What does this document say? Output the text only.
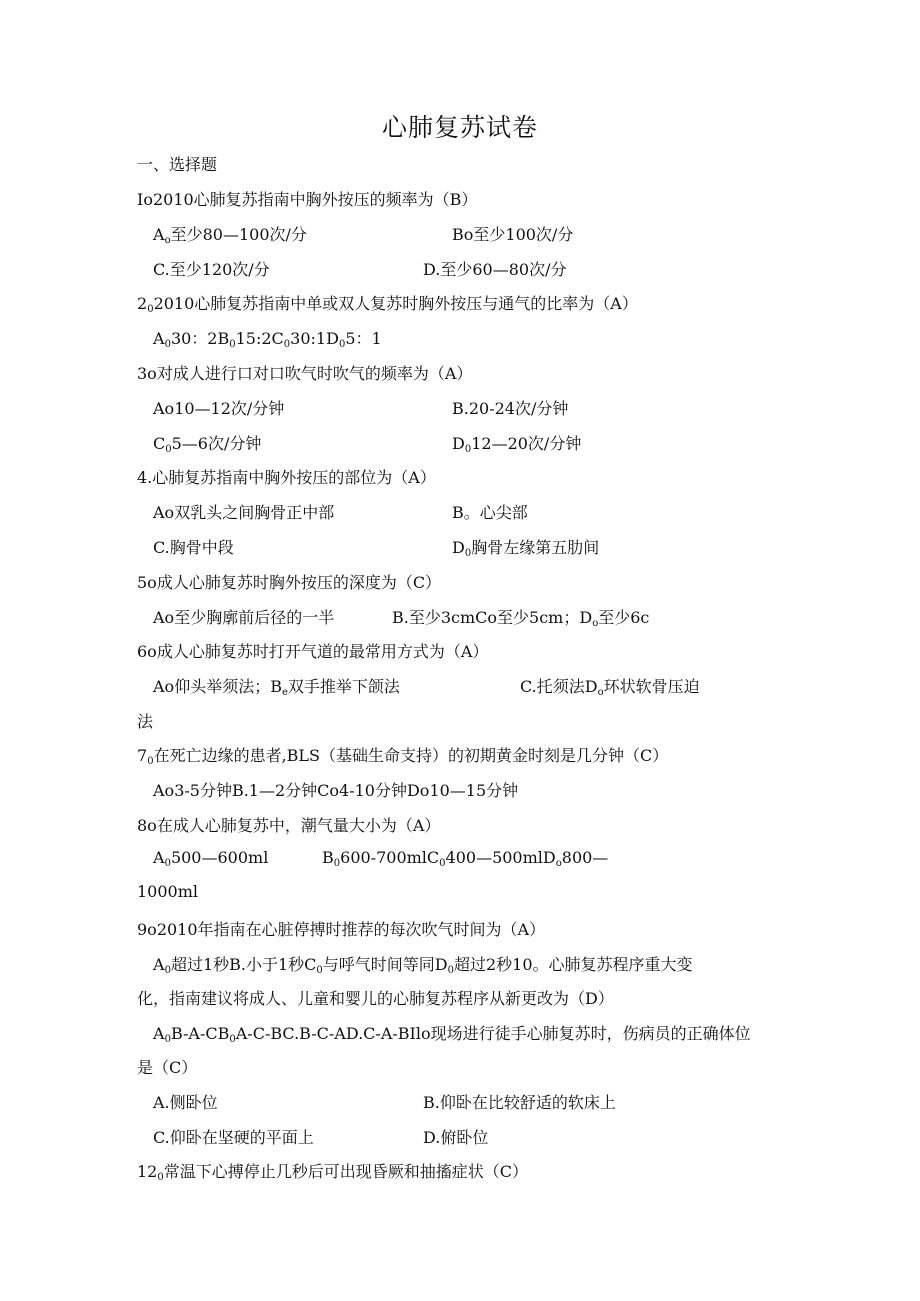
心肺复苏试卷
一、选择题
Io2010心肺复苏指南中胸外按压的频率为（B）
$A_o$至少80—100次/分	Bo至少100次/分
C.至少120次/分	D.至少60—80次/分
$2_02010$心肺复苏指南中单或双人复苏时胸外按压与通气的比率为（A）
$A_030$：$2B_015:2C_030:1D_05$：1
3o对成人进行口对口吹气时吹气的频率为（A）
Ao10—12次/分钟	B.20-24次/分钟
$C_05—6$次/分钟	$D_012—20$次/分钟
4.心肺复苏指南中胸外按压的部位为（A）
Ao双乳头之间胸骨正中部	B。心尖部
C.胸骨中段	$D_0$胸骨左缘第五肋间
5o成人心肺复苏时胸外按压的深度为（C）
Ao至少胸廓前后径的一半	B.至少3cmCo至少5cm；$D_o$至少6c
6o成人心肺复苏时打开气道的最常用方式为（A）
Ao仰头举须法；$B_e$双手推举下颌法	C.托须法$D_o$环状软骨压迫
法
$7_0$在死亡边缘的患者,BLS（基础生命支持）的初期黄金时刻是几分钟（C）
Ao3-5分钟B.1—2分钟Co4-10分钟Do10—15分钟
8o在成人心肺复苏中，潮气量大小为（A）
$A_0500—600ml$	$B_0600-700mlC_0400—500mlD_o800—$
1000ml
9o2010年指南在心脏停搏时推荐的每次吹气时间为（A）
$A_0$超过1秒B.小于1秒$C_0$与呼气时间等同$D_0$超过2秒10。心肺复苏程序重大变
化，指南建议将成人、儿童和婴儿的心肺复苏程序从新更改为（D）
$A_0B-A-CB_0A-C-BC.B-C-AD.C-A$-BIlo现场进行徒手心肺复苏时，伤病员的正确体位
是（C）
A.侧卧位	B.仰卧在比较舒适的软床上
C.仰卧在坚硬的平面上	D.俯卧位
$12_0$常温下心搏停止几秒后可出现昏厥和抽搐症状（C）
